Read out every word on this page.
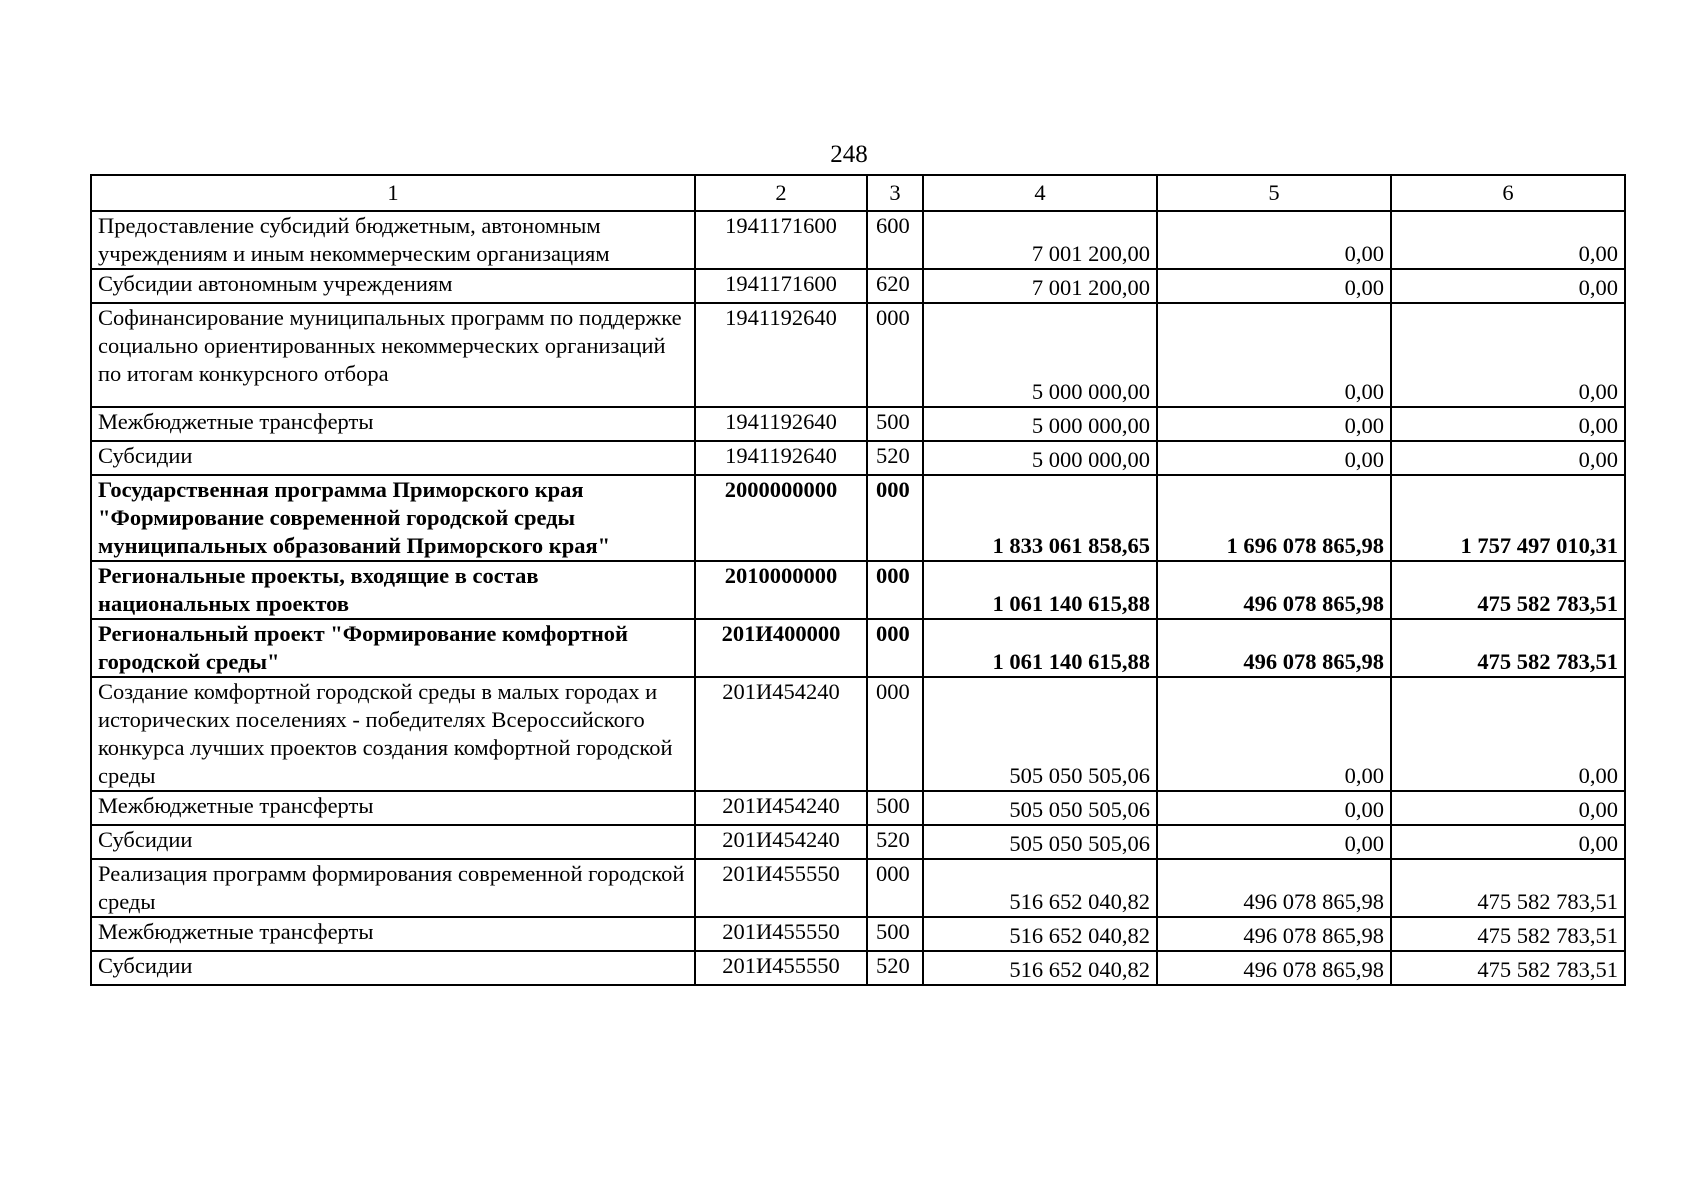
248
1	2	3	4	5	6
Предоставление субсидий бюджетным, автономным учреждениям и иным некоммерческим организациям	1941171600	600	7 001 200,00	0,00	0,00
Субсидии автономным учреждениям	1941171600	620	7 001 200,00	0,00	0,00
Софинансирование муниципальных программ по поддержке социально ориентированных некоммерческих организаций по итогам конкурсного отбора	1941192640	000	5 000 000,00	0,00	0,00
Межбюджетные трансферты	1941192640	500	5 000 000,00	0,00	0,00
Субсидии	1941192640	520	5 000 000,00	0,00	0,00
Государственная программа Приморского края "Формирование современной городской среды муниципальных образований Приморского края"	2000000000	000	1 833 061 858,65	1 696 078 865,98	1 757 497 010,31
Региональные проекты, входящие в состав национальных проектов	2010000000	000	1 061 140 615,88	496 078 865,98	475 582 783,51
Региональный проект "Формирование комфортной городской среды"	201И400000	000	1 061 140 615,88	496 078 865,98	475 582 783,51
Создание комфортной городской среды в малых городах и исторических поселениях - победителях Всероссийского конкурса лучших проектов создания комфортной городской среды	201И454240	000	505 050 505,06	0,00	0,00
Межбюджетные трансферты	201И454240	500	505 050 505,06	0,00	0,00
Субсидии	201И454240	520	505 050 505,06	0,00	0,00
Реализация программ формирования современной городской среды	201И455550	000	516 652 040,82	496 078 865,98	475 582 783,51
Межбюджетные трансферты	201И455550	500	516 652 040,82	496 078 865,98	475 582 783,51
Субсидии	201И455550	520	516 652 040,82	496 078 865,98	475 582 783,51
